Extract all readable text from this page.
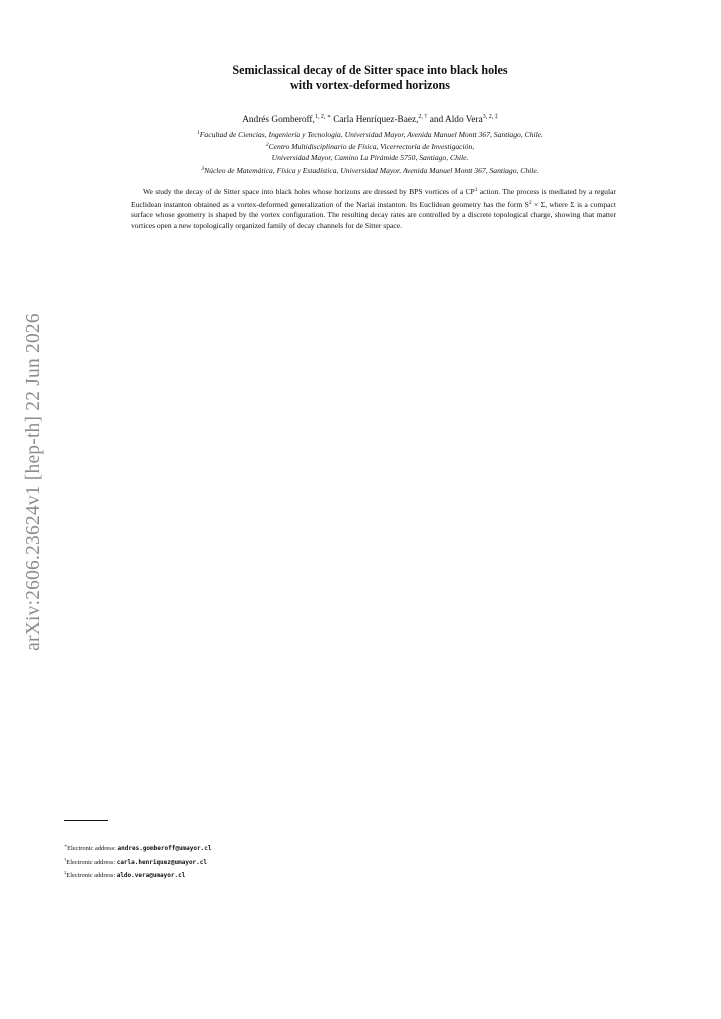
arXiv:2606.23624v1 [hep-th] 22 Jun 2026
Semiclassical decay of de Sitter space into black holes
with vortex-deformed horizons
Andrés Gomberoff,$^{1, 2, ∗}$ Carla Henríquez-Baez,$^{2, \dagger}$ and Aldo Vera$^{3, 2, \ddagger}$
$^1$Facultad de Ciencias, Ingeniería y Tecnología, Universidad Mayor, Avenida Manuel Montt 367, Santiago, Chile.
$^2$Centro Multidisciplinario de Física, Vicerrectoría de Investigación,
Universidad Mayor, Camino La Pirámide 5750, Santiago, Chile.
$^3$Núcleo de Matemática, Física y Estadística, Universidad Mayor, Avenida Manuel Montt 367, Santiago, Chile.

We study the decay of de Sitter space into black holes whose horizons are dressed by BPS vortices of a $CP^1$ action. The process is mediated by a regular Euclidean instanton obtained as a vortex-deformed generalization of the Nariai instanton. Its Euclidean geometry has the form $S^2 \times \Sigma$, where Σ is a compact surface whose geometry is shaped by the vortex configuration. The resulting decay rates are controlled by a discrete topological charge, showing that matter vortices open a new topologically organized family of decay channels for de Sitter space.

∗Electronic address: andres.gomberoff@umayor.cl
†Electronic address: carla.henriquez@umayor.cl
‡Electronic address: aldo.vera@umayor.cl
